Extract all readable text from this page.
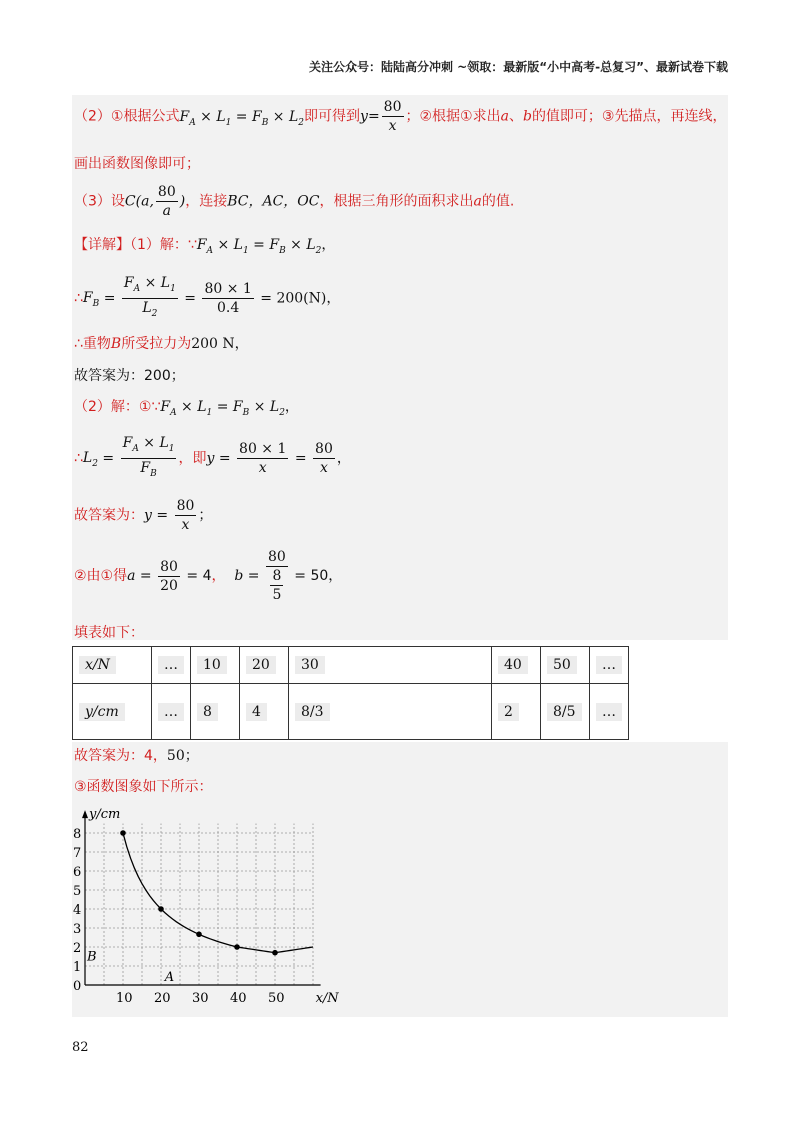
关注公众号：陆陆高分冲刺 ~领取：最新版“小中高考-总复习”、最新试卷下载
（2）①根据公式$F_A \times L_1 = F_B \times L_2$即可得到$y= \frac{80}{x}$ ；②根据①求出a、b的值即可；③先描点，再连线，
画出函数图像即可；
（3）设C(a, $\frac{80}{a}$ )，连接BC，AC，OC，根据三角形的面积求出a的值.
【详解】（1）解：$\because F_A \times L_1 = F_B \times L_2$，
$\therefore F_B = \frac{F_A \times L_1}{L_2} = \frac{80 \times 1}{0.4} = 200(N)$，
∴重物B所受拉力为200 N，
故答案为：200；
（2）解：$①\because F_A \times L_1 = F_B \times L_2$，
$\therefore L_2 = \frac{F_A \times L_1}{F_B}$ ，即$y = \frac{80 \times 1}{x} = \frac{80}{x}$ ，
故答案为：$y = \frac{80}{x}$ ；
②由①得$a = \frac{80}{20} = 4$， $b = \frac{80}{\frac{8}{5}} = 50$，
填表如下：
x/N	…	10	20	30	40	50	…
y/cm	…	8	4	8/3	2	8/5	…
故答案为：4，50；
③函数图象如下所示：
0
1
2
3
4
5
6
7
8
10 20 30 40 50
y/cm
x/N
B
A
82
